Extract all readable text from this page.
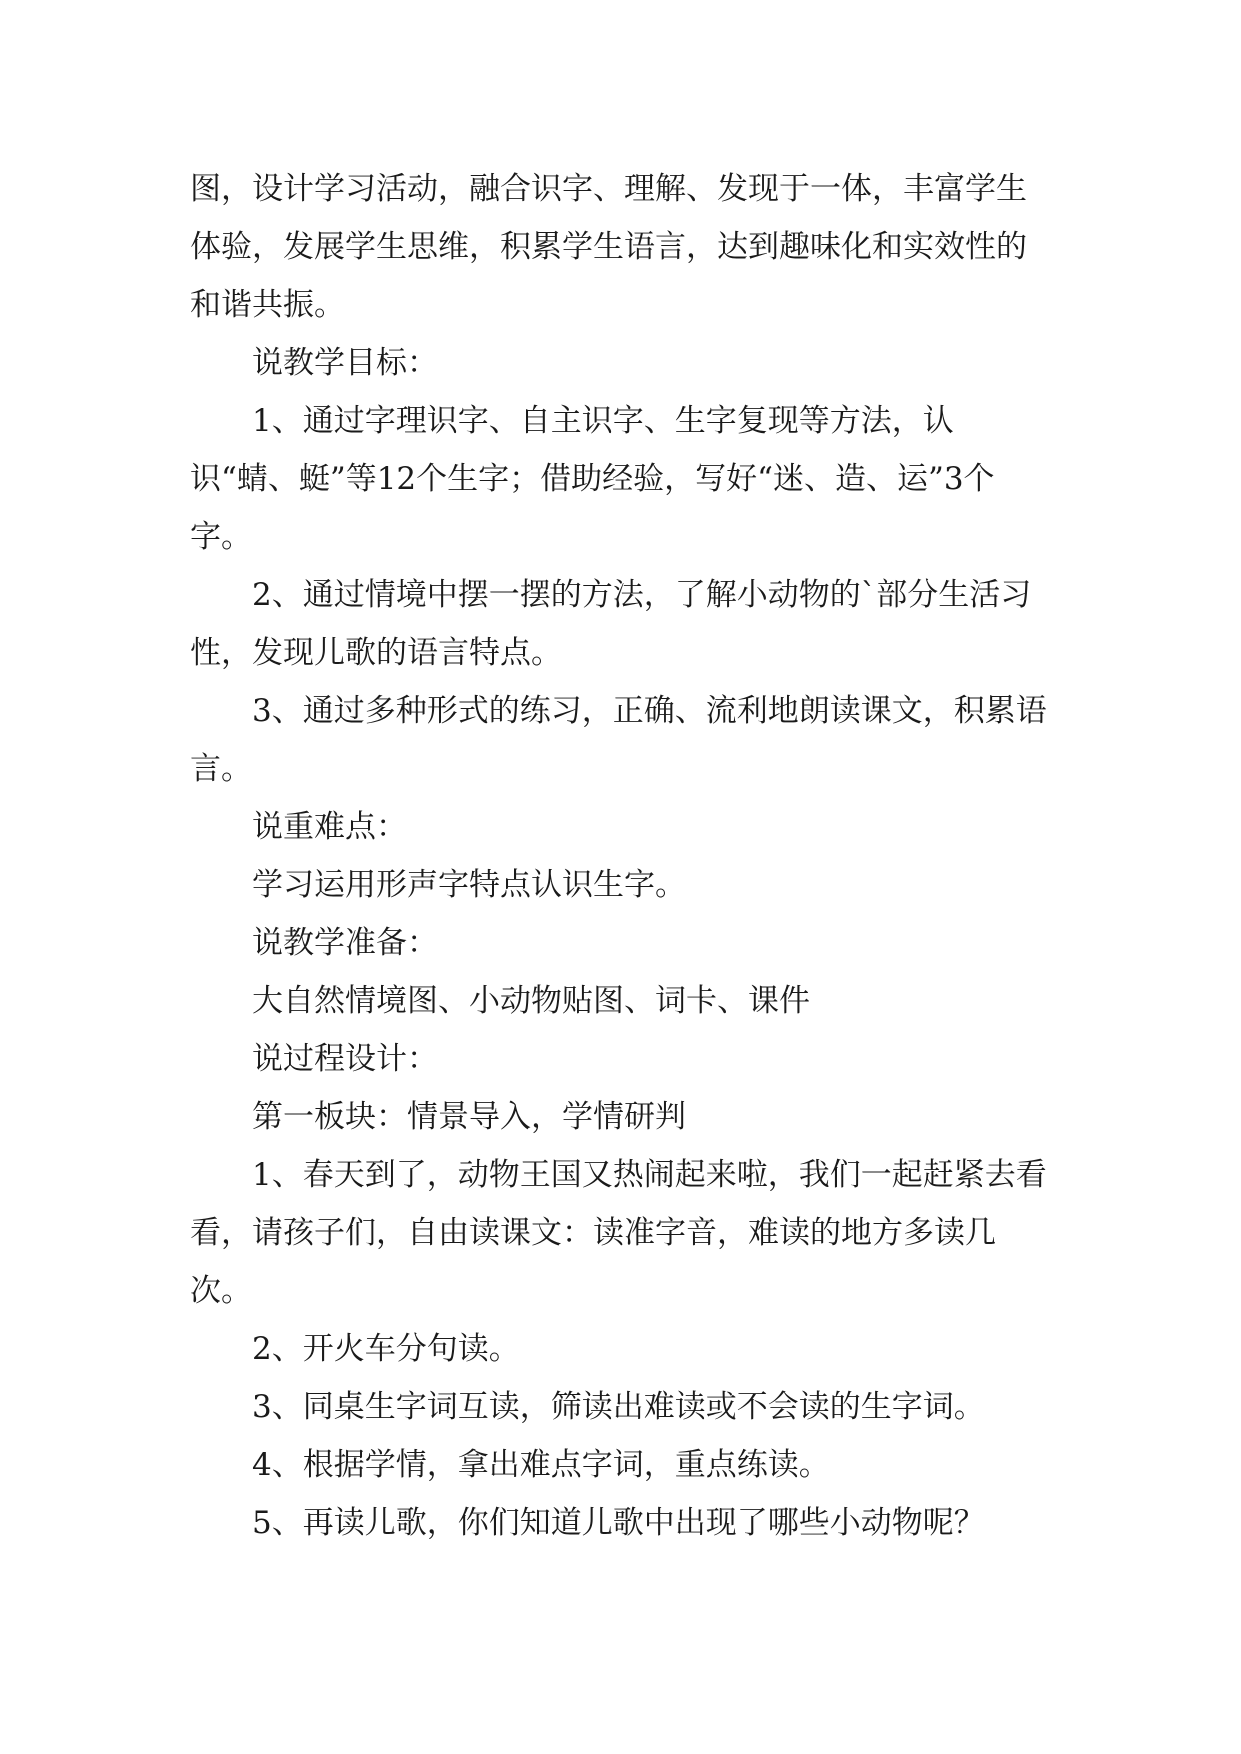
图，设计学习活动，融合识字、理解、发现于一体，丰富学生体验，发展学生思维，积累学生语言，达到趣味化和实效性的和谐共振。

说教学目标：

1、通过字理识字、自主识字、生字复现等方法，认识“蜻、蜓”等12个生字；借助经验，写好“迷、造、运”3个字。

2、通过情境中摆一摆的方法，了解小动物的`部分生活习性，发现儿歌的语言特点。

3、通过多种形式的练习，正确、流利地朗读课文，积累语言。

说重难点：

学习运用形声字特点认识生字。

说教学准备：

大自然情境图、小动物贴图、词卡、课件

说过程设计：

第一板块：情景导入，学情研判

1、春天到了，动物王国又热闹起来啦，我们一起赶紧去看看，请孩子们，自由读课文：读准字音，难读的地方多读几次。

2、开火车分句读。

3、同桌生字词互读，筛读出难读或不会读的生字词。

4、根据学情，拿出难点字词，重点练读。

5、再读儿歌，你们知道儿歌中出现了哪些小动物呢？
